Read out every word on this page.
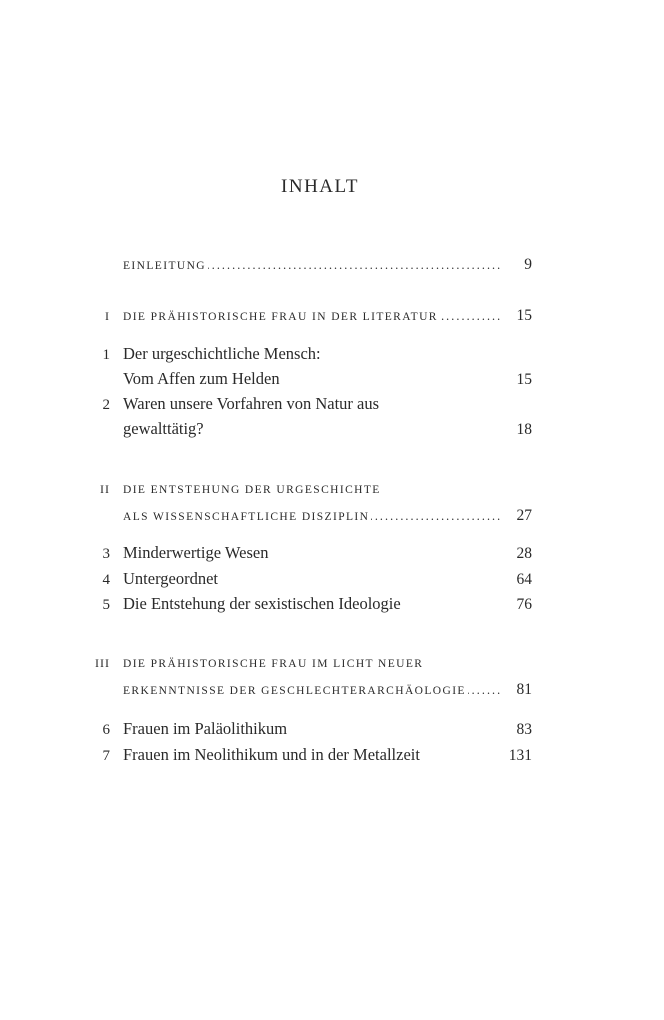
INHALT
EINLEITUNG .....	9
I DIE PRÄHISTORISCHE FRAU IN DER LITERATUR .....	15
1 Der urgeschichtliche Mensch:
Vom Affen zum Helden	15
2 Waren unsere Vorfahren von Natur aus
gewalttätig?	18
II DIE ENTSTEHUNG DER URGESCHICHTE
ALS WISSENSCHAFTLICHE DISZIPLIN .....	27
3 Minderwertige Wesen	28
4 Untergeordnet	64
5 Die Entstehung der sexistischen Ideologie	76
III DIE PRÄHISTORISCHE FRAU IM LICHT NEUER
ERKENNTNISSE DER GESCHLECHTERARCHÄOLOGIE .....	81
6 Frauen im Paläolithikum	83
7 Frauen im Neolithikum und in der Metallzeit	131
